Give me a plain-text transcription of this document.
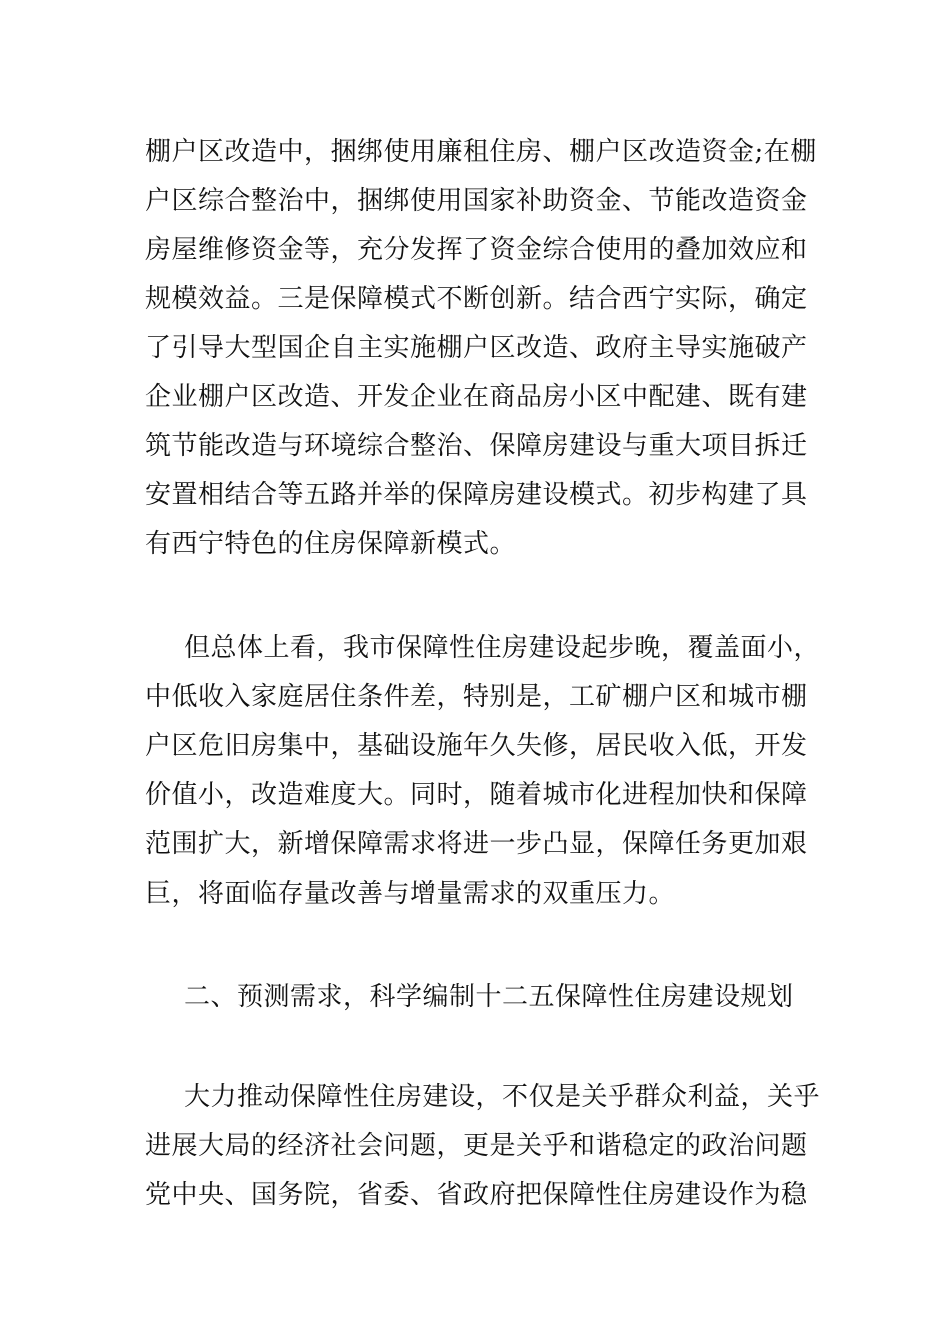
棚户区改造中，捆绑使用廉租住房、棚户区改造资金;在棚
户区综合整治中，捆绑使用国家补助资金、节能改造资金
房屋维修资金等，充分发挥了资金综合使用的叠加效应和
规模效益。三是保障模式不断创新。结合西宁实际，确定
了引导大型国企自主实施棚户区改造、政府主导实施破产
企业棚户区改造、开发企业在商品房小区中配建、既有建
筑节能改造与环境综合整治、保障房建设与重大项目拆迁
安置相结合等五路并举的保障房建设模式。初步构建了具
有西宁特色的住房保障新模式。
但总体上看，我市保障性住房建设起步晚，覆盖面小，
中低收入家庭居住条件差，特别是，工矿棚户区和城市棚
户区危旧房集中，基础设施年久失修，居民收入低，开发
价值小，改造难度大。同时，随着城市化进程加快和保障
范围扩大，新增保障需求将进一步凸显，保障任务更加艰
巨，将面临存量改善与增量需求的双重压力。
二、预测需求，科学编制十二五保障性住房建设规划
大力推动保障性住房建设，不仅是关乎群众利益，关乎
进展大局的经济社会问题，更是关乎和谐稳定的政治问题
党中央、国务院，省委、省政府把保障性住房建设作为稳
